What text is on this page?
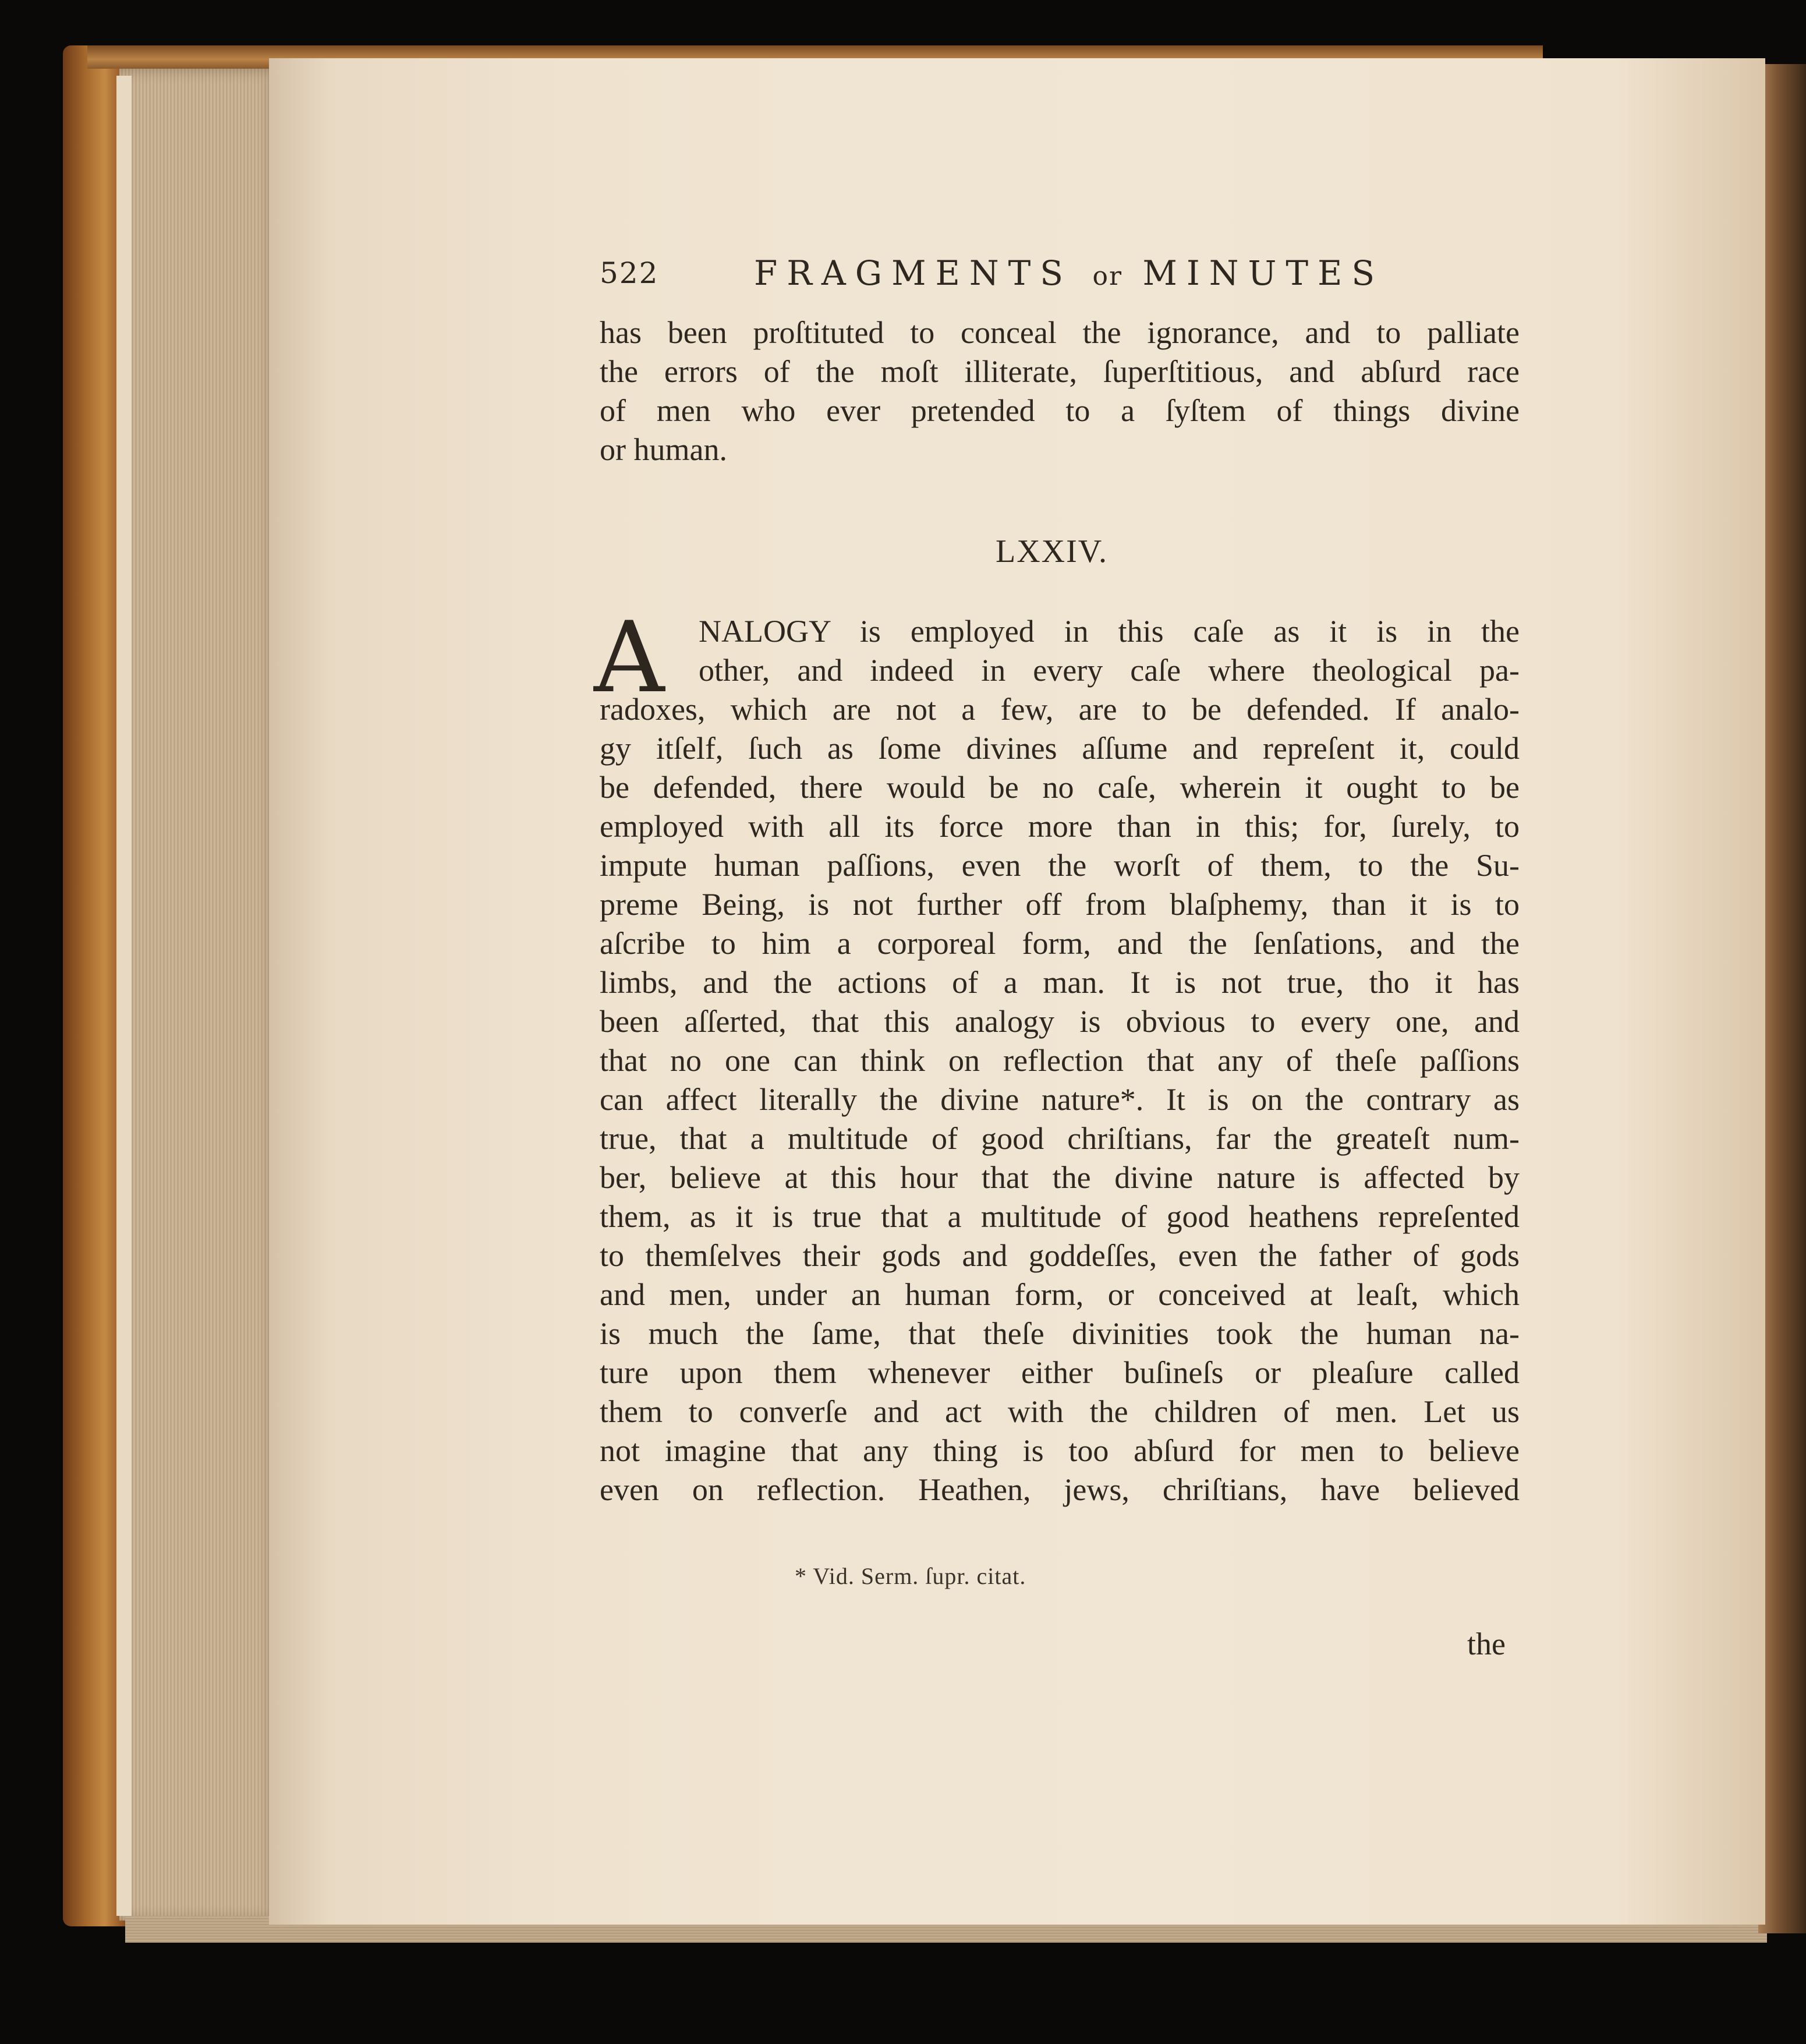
522	FRAGMENTS or MINUTES
has been proſtituted to conceal the ignorance, and to palliate
the errors of the moſt illiterate, ſuperſtitious, and abſurd race
of men who ever pretended to a ſyſtem of things divine
or human.
LXXIV.
A NALOGY is employed in this caſe as it is in the
other, and indeed in every caſe where theological pa-
radoxes, which are not a few, are to be defended. If analo-
gy itſelf, ſuch as ſome divines aſſume and repreſent it, could
be defended, there would be no caſe, wherein it ought to be
employed with all its force more than in this; for, ſurely, to
impute human paſſions, even the worſt of them, to the Su-
preme Being, is not further off from blaſphemy, than it is to
aſcribe to him a corporeal form, and the ſenſations, and the
limbs, and the actions of a man. It is not true, tho it has
been aſſerted, that this analogy is obvious to every one, and
that no one can think on reflection that any of theſe paſſions
can affect literally the divine nature*. It is on the contrary as
true, that a multitude of good chriſtians, far the greateſt num-
ber, believe at this hour that the divine nature is affected by
them, as it is true that a multitude of good heathens repreſented
to themſelves their gods and goddeſſes, even the father of gods
and men, under an human form, or conceived at leaſt, which
is much the ſame, that theſe divinities took the human na-
ture upon them whenever either buſineſs or pleaſure called
them to converſe and act with the children of men. Let us
not imagine that any thing is too abſurd for men to believe
even on reflection. Heathen, jews, chriſtians, have believed
* Vid. Serm. ſupr. citat.
the
